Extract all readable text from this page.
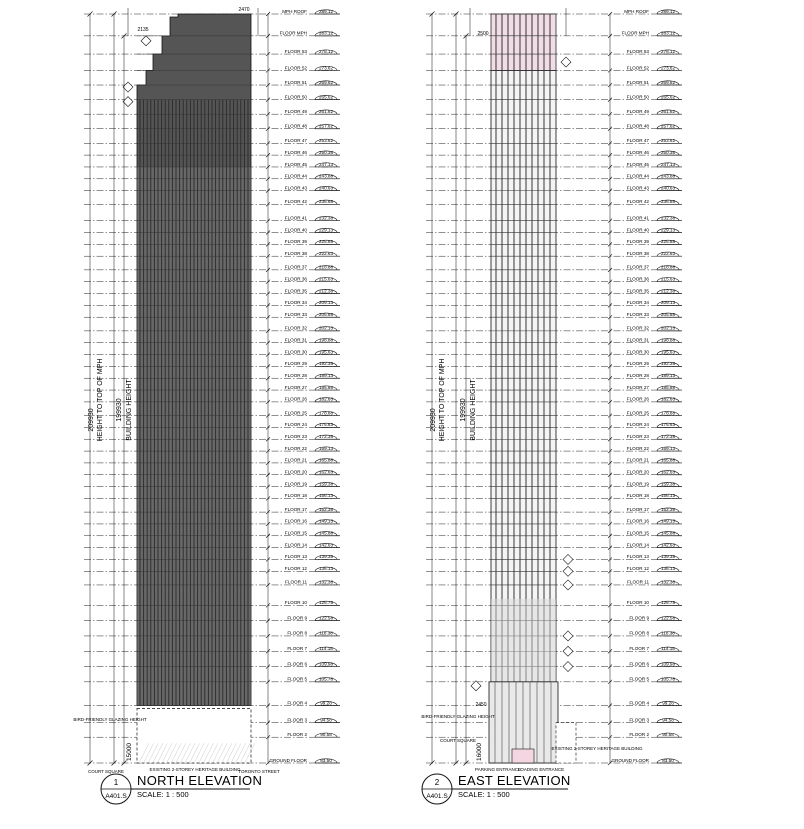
MPH ROOF	289.12
FLOOR MPH	283.12
FLOOR 53	278.12
FLOOR 52	273.62
FLOOR 51	269.62
FLOOR 50	265.62
FLOOR 49	261.62
FLOOR 48	257.62
FLOOR 47	253.62
FLOOR 46	250.38
FLOOR 45	247.13
FLOOR 44	243.88
FLOOR 43	240.63
FLOOR 42	236.88
FLOOR 41	232.38
FLOOR 40	229.13
FLOOR 39	225.88
FLOOR 38	222.63
FLOOR 37	218.88
FLOOR 36	215.63
FLOOR 35	212.38
FLOOR 34	209.13
FLOOR 33	205.88
FLOOR 32	202.13
FLOOR 31	198.88
FLOOR 30	195.63
FLOOR 29	192.38
FLOOR 28	189.13
FLOOR 27	185.88
FLOOR 26	182.63
FLOOR 25	178.88
FLOOR 24	175.63
FLOOR 23	172.38
FLOOR 22	169.13
FLOOR 21	165.88
FLOOR 20	162.63
FLOOR 19	159.38
FLOOR 18	156.13
FLOOR 17	152.38
FLOOR 16	149.13
FLOOR 15	145.88
FLOOR 14	142.63
FLOOR 13	139.38
FLOOR 12	136.13
FLOOR 11	132.38
FLOOR 10	126.78
FLOOR 9	122.58
FLOOR 8	118.38
FLOOR 7	114.18
FLOOR 6	109.98
FLOOR 5	105.78
FLOOR 4	99.28
FLOOR 3	94.58
FLOOR 2	90.58
GROUND FLOOR	83.50
MPH ROOF	289.12
FLOOR MPH	283.12
FLOOR 53	278.12
FLOOR 52	273.62
FLOOR 51	269.62
FLOOR 50	265.62
FLOOR 49	261.62
FLOOR 48	257.62
FLOOR 47	253.62
FLOOR 46	250.38
FLOOR 45	247.13
FLOOR 44	243.88
FLOOR 43	240.63
FLOOR 42	236.88
FLOOR 41	232.38
FLOOR 40	229.13
FLOOR 39	225.88
FLOOR 38	222.63
FLOOR 37	218.88
FLOOR 36	215.63
FLOOR 35	212.38
FLOOR 34	209.13
FLOOR 33	205.88
FLOOR 32	202.13
FLOOR 31	198.88
FLOOR 30	195.63
FLOOR 29	192.38
FLOOR 28	189.13
FLOOR 27	185.88
FLOOR 26	182.63
FLOOR 25	178.88
FLOOR 24	175.63
FLOOR 23	172.38
FLOOR 22	169.13
FLOOR 21	165.88
FLOOR 20	162.63
FLOOR 19	159.38
FLOOR 18	156.13
FLOOR 17	152.38
FLOOR 16	149.13
FLOOR 15	145.88
FLOOR 14	142.63
FLOOR 13	139.38
FLOOR 12	136.13
FLOOR 11	132.38
FLOOR 10	126.78
FLOOR 9	122.58
FLOOR 8	118.38
FLOOR 7	114.18
FLOOR 6	109.98
FLOOR 5	105.78
FLOOR 4	99.28
FLOOR 3	94.58
FLOOR 2	90.58
GROUND FLOOR	83.50
1
A401.S
NORTH ELEVATION
SCALE: 1 : 500
2
A401.S
EAST ELEVATION
SCALE: 1 : 500
209930 HEIGHT TO TOP OF MPH 199930 BUILDING HEIGHT
15000
209930 HEIGHT TO TOP OF MPH 199930 BUILDING HEIGHT
16000
BIRD-FRIENDLY GLAZING HEIGHT
COURT SQUARE	EXISTING 2-STOREY HERITAGE BUILDING
TORONTO STREET
2135
2470
BIRD-FRIENDLY GLAZING HEIGHT
EXISTING 2-STOREY HERITAGE BUILDING
COURT SQUARE
PARKING ENTRANCE
LOADING ENTRANCE
2500
2450
